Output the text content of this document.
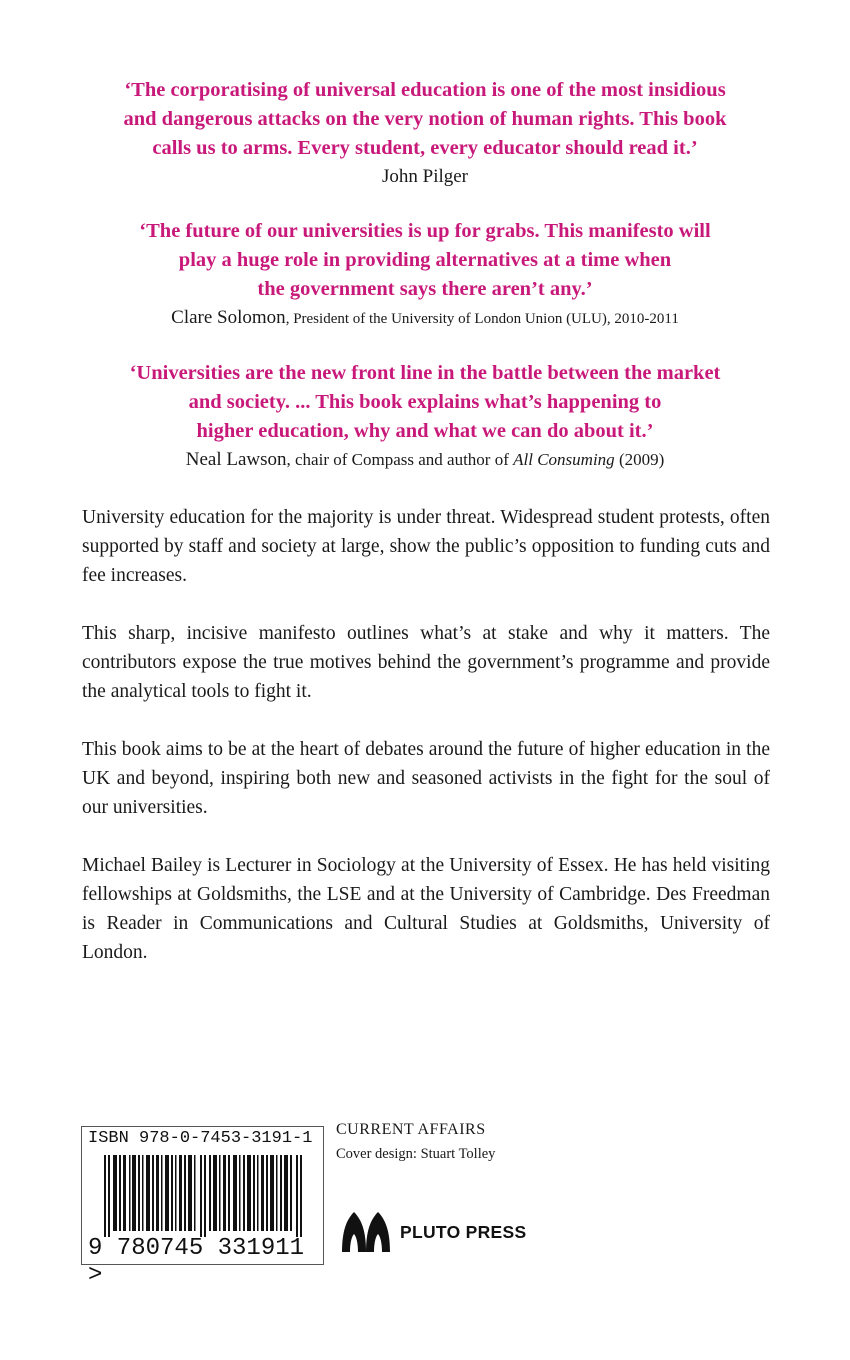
‘The corporatising of universal education is one of the most insidious
and dangerous attacks on the very notion of human rights. This book
calls us to arms. Every student, every educator should read it.’
John Pilger
‘The future of our universities is up for grabs. This manifesto will
play a huge role in providing alternatives at a time when
the government says there aren’t any.’
Clare Solomon, President of the University of London Union (ULU), 2010-2011
‘Universities are the new front line in the battle between the market
and society. ... This book explains what’s happening to
higher education, why and what we can do about it.’
Neal Lawson, chair of Compass and author of All Consuming (2009)

University education for the majority is under threat. Widespread student protests, often supported by staff and society at large, show the public’s opposition to funding cuts and fee increases.

This sharp, incisive manifesto outlines what’s at stake and why it matters. The contributors expose the true motives behind the government’s programme and provide the analytical tools to fight it.

This book aims to be at the heart of debates around the future of higher education in the UK and beyond, inspiring both new and seasoned activists in the fight for the soul of our universities.

Michael Bailey is Lecturer in Sociology at the University of Essex. He has held visiting fellowships at Goldsmiths, the LSE and at the University of Cambridge. Des Freedman is Reader in Communications and Cultural Studies at Goldsmiths, University of London.

ISBN 978-0-7453-3191-1
9 780745 331911 >
CURRENT AFFAIRS
Cover design: Stuart Tolley
PLUTO PRESS
